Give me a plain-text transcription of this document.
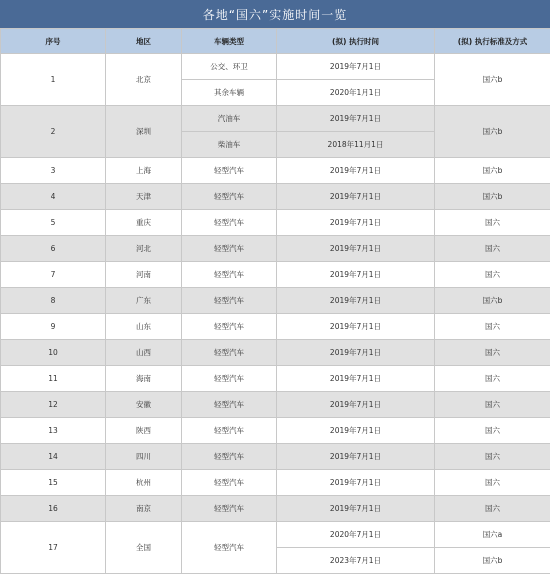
各地“国六”实施时间一览
序号	地区	车辆类型	(拟) 执行时间	(拟) 执行标准及方式
1	北京	公交、环卫	2019年7月1日	国六b
		其余车辆	2020年1月1日	
2	深圳	汽油车	2019年7月1日	国六b
		柴油车	2018年11月1日	
3	上海	轻型汽车	2019年7月1日	国六b
4	天津	轻型汽车	2019年7月1日	国六b
5	重庆	轻型汽车	2019年7月1日	国六
6	河北	轻型汽车	2019年7月1日	国六
7	河南	轻型汽车	2019年7月1日	国六
8	广东	轻型汽车	2019年7月1日	国六b
9	山东	轻型汽车	2019年7月1日	国六
10	山西	轻型汽车	2019年7月1日	国六
11	海南	轻型汽车	2019年7月1日	国六
12	安徽	轻型汽车	2019年7月1日	国六
13	陕西	轻型汽车	2019年7月1日	国六
14	四川	轻型汽车	2019年7月1日	国六
15	杭州	轻型汽车	2019年7月1日	国六
16	南京	轻型汽车	2019年7月1日	国六
17	全国	轻型汽车	2020年7月1日	国六a
			2023年7月1日	国六b
